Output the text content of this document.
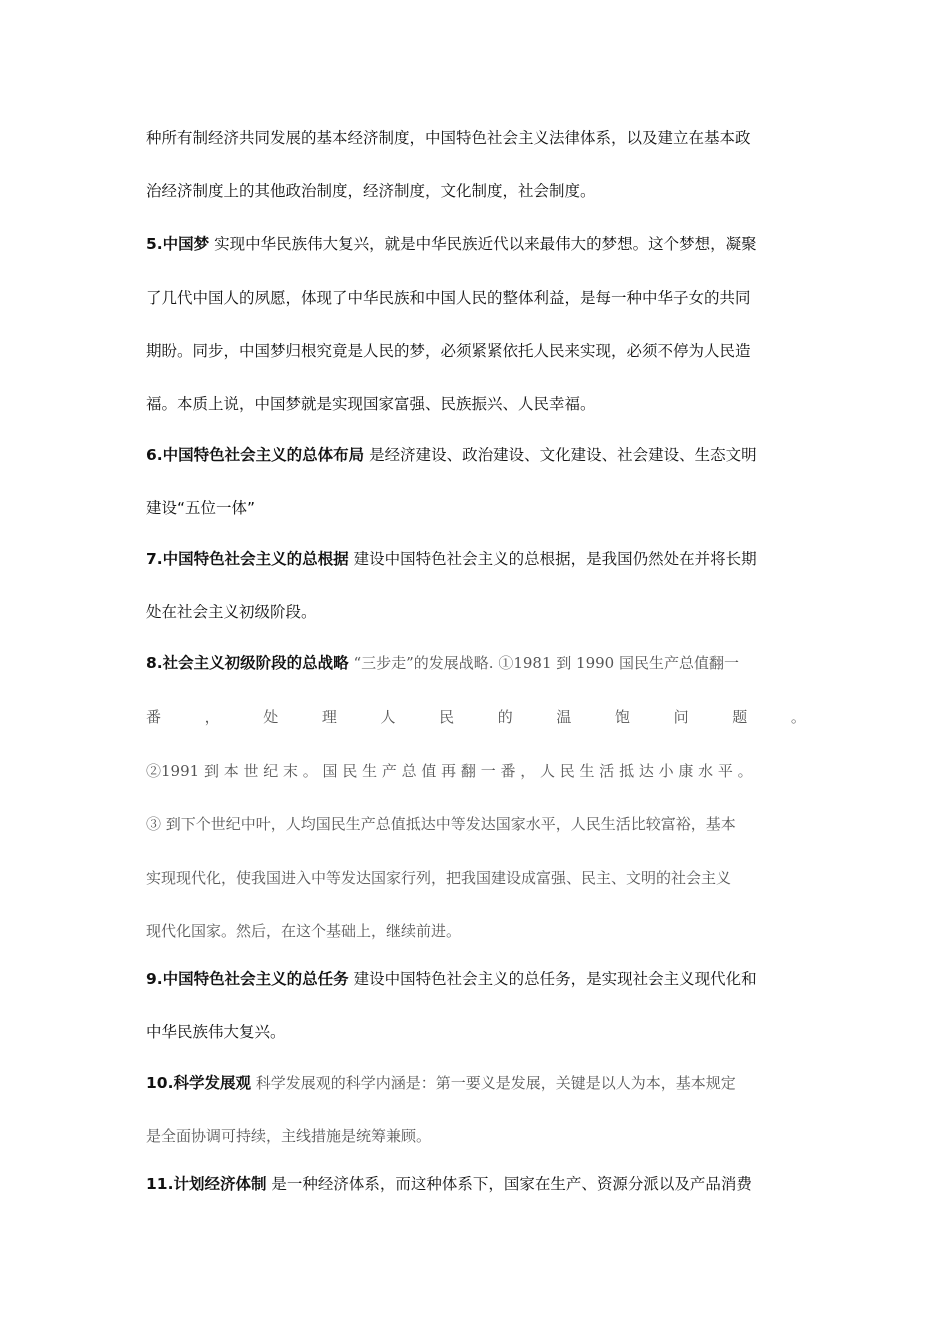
种所有制经济共同发展的基本经济制度，中国特色社会主义法律体系，以及建立在基本政
治经济制度上的其他政治制度，经济制度，文化制度，社会制度。
5.中国梦 实现中华民族伟大复兴，就是中华民族近代以来最伟大的梦想。这个梦想，凝聚
了几代中国人的夙愿，体现了中华民族和中国人民的整体利益，是每一种中华子女的共同
期盼。同步，中国梦归根究竟是人民的梦，必须紧紧依托人民来实现，必须不停为人民造
福。本质上说，中国梦就是实现国家富强、民族振兴、人民幸福。
6.中国特色社会主义的总体布局 是经济建设、政治建设、文化建设、社会建设、生态文明
建设“五位一体”
7.中国特色社会主义的总根据 建设中国特色社会主义的总根据，是我国仍然处在并将长期
处在社会主义初级阶段。
8.社会主义初级阶段的总战略 “三步走”的发展战略. ①1981 到 1990 国民生产总值翻一
番	，	处	理	人	民	的	温	饱	问	题	。
②1991 到 本 世 纪 末 。 国 民 生 产 总 值 再 翻 一 番 ， 人 民 生 活 抵 达 小 康 水 平 。
③ 到下个世纪中叶，人均国民生产总值抵达中等发达国家水平，人民生活比较富裕，基本
实现现代化，使我国进入中等发达国家行列，把我国建设成富强、民主、文明的社会主义
现代化国家。然后，在这个基础上，继续前进。
9.中国特色社会主义的总任务 建设中国特色社会主义的总任务，是实现社会主义现代化和
中华民族伟大复兴。
10.科学发展观 科学发展观的科学内涵是：第一要义是发展，关键是以人为本，基本规定
是全面协调可持续，主线措施是统筹兼顾。
11.计划经济体制 是一种经济体系，而这种体系下，国家在生产、资源分派以及产品消费
